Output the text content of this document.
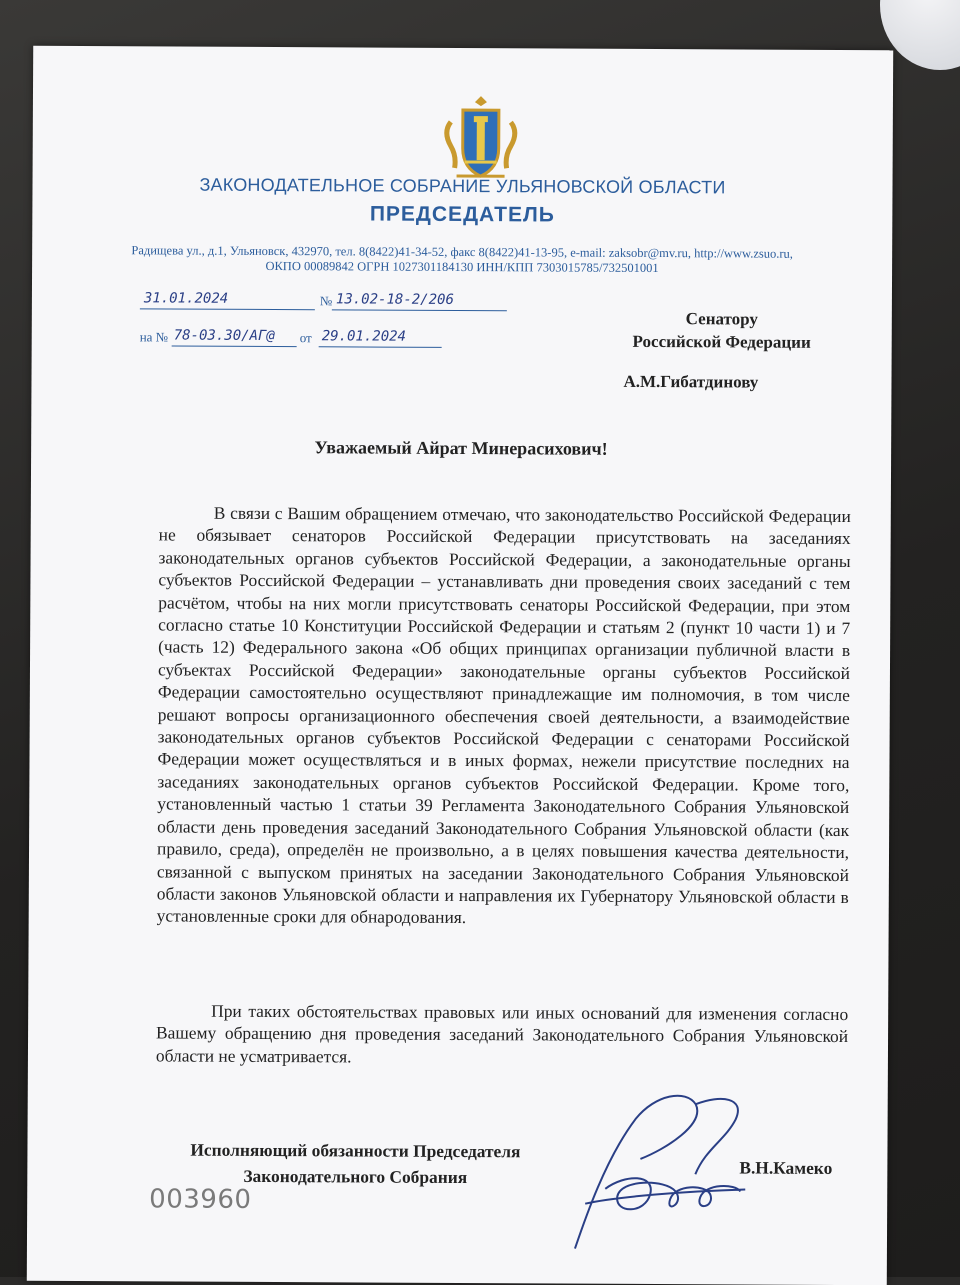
ЗАКОНОДАТЕЛЬНОЕ СОБРАНИЕ УЛЬЯНОВСКОЙ ОБЛАСТИ
ПРЕДСЕДАТЕЛЬ
Радищева ул., д.1, Ульяновск, 432970, тел. 8(8422)41-34-52, факс 8(8422)41-13-95, e-mail: zaksobr@mv.ru, http://www.zsuo.ru,
ОКПО 00089842 ОГРН 1027301184130 ИНН/КПП 7303015785/732501001
31.01.2024	№ 13.02-18-2/206
на № 78-03.30/АГ@ от 29.01.2024
Сенатору
Российской Федерации
А.М.Гибатдинову
Уважаемый Айрат Минерасихович!
В связи с Вашим обращением отмечаю, что законодательство Российской Федерации не обязывает сенаторов Российской Федерации присутствовать на заседаниях законодательных органов субъектов Российской Федерации, а законодательные органы субъектов Российской Федерации – устанавливать дни проведения своих заседаний с тем расчётом, чтобы на них могли присутствовать сенаторы Российской Федерации, при этом согласно статье 10 Конституции Российской Федерации и статьям 2 (пункт 10 части 1) и 7 (часть 12) Федерального закона «Об общих принципах организации публичной власти в субъектах Российской Федерации» законодательные органы субъектов Российской Федерации самостоятельно осуществляют принадлежащие им полномочия, в том числе решают вопросы организационного обеспечения своей деятельности, а взаимодействие законодательных органов субъектов Российской Федерации с сенаторами Российской Федерации может осуществляться и в иных формах, нежели присутствие последних на заседаниях законодательных органов субъектов Российской Федерации. Кроме того, установленный частью 1 статьи 39 Регламента Законодательного Собрания Ульяновской области день проведения заседаний Законодательного Собрания Ульяновской области (как правило, среда), определён не произвольно, а в целях повышения качества деятельности, связанной с выпуском принятых на заседании Законодательного Собрания Ульяновской области законов Ульяновской области и направления их Губернатору Ульяновской области в установленные сроки для обнародования.
При таких обстоятельствах правовых или иных оснований для изменения согласно Вашему обращению дня проведения заседаний Законодательного Собрания Ульяновской области не усматривается.
Исполняющий обязанности Председателя
Законодательного Собрания	В.Н.Камеко
003960
